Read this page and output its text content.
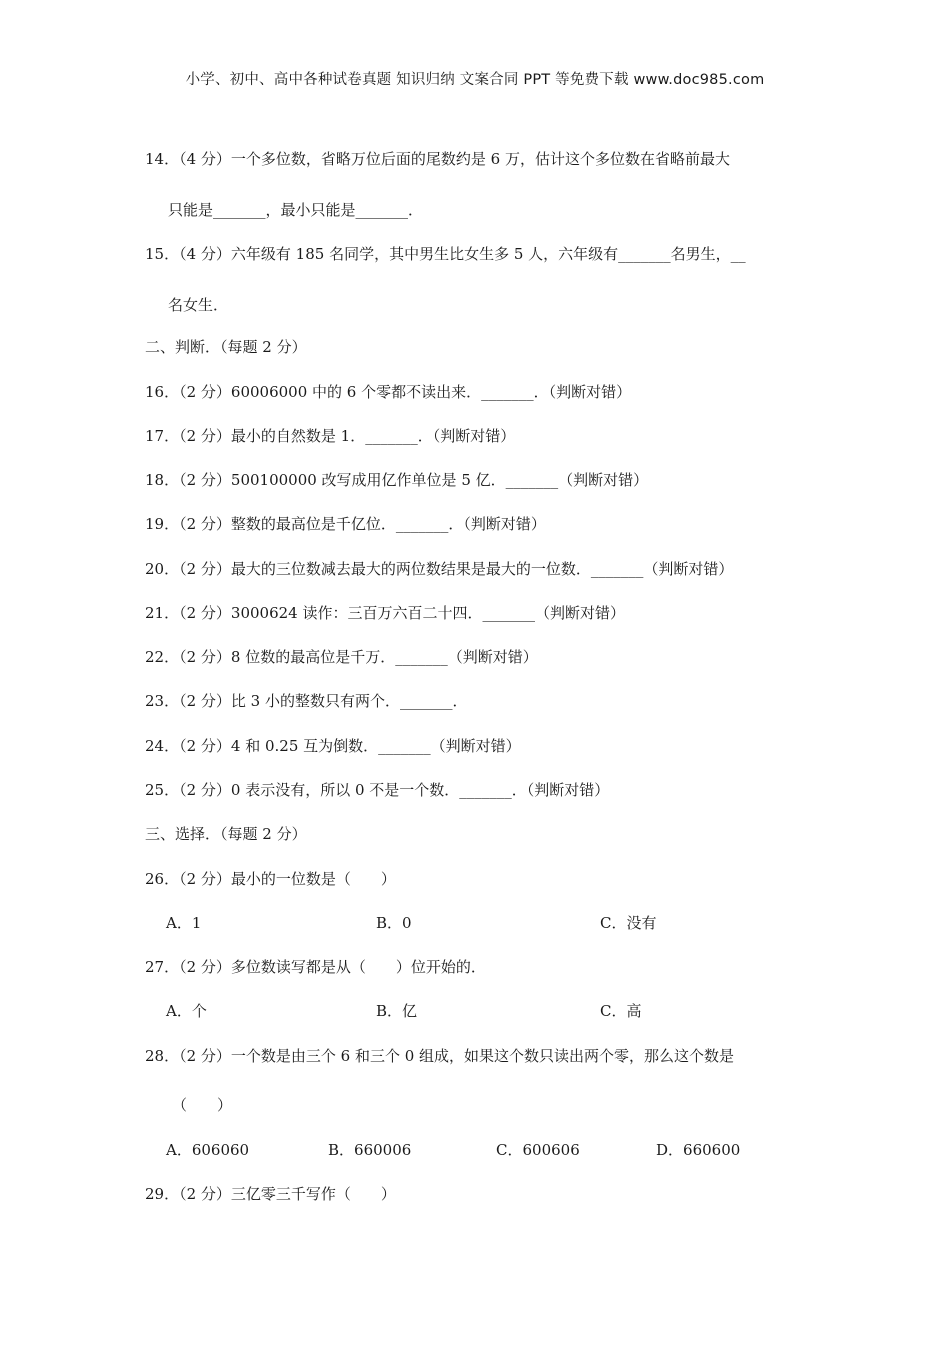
小学、初中、高中各种试卷真题 知识归纳 文案合同 PPT 等免费下载 www.doc985.com
14．（4 分）一个多位数，省略万位后面的尾数约是 6 万，估计这个多位数在省略前最大
只能是_______，最小只能是_______．
15．（4 分）六年级有 185 名同学，其中男生比女生多 5 人，六年级有_______名男生，__
名女生．
二、判断．（每题 2 分）
16．（2 分）60006000 中的 6 个零都不读出来．_______．（判断对错）
17．（2 分）最小的自然数是 1．_______．（判断对错）
18．（2 分）500100000 改写成用亿作单位是 5 亿．_______（判断对错）
19．（2 分）整数的最高位是千亿位．_______．（判断对错）
20．（2 分）最大的三位数减去最大的两位数结果是最大的一位数．_______（判断对错）
21．（2 分）3000624 读作：三百万六百二十四．_______（判断对错）
22．（2 分）8 位数的最高位是千万．_______（判断对错）
23．（2 分）比 3 小的整数只有两个．_______．
24．（2 分）4 和 0.25 互为倒数．_______（判断对错）
25．（2 分）0 表示没有，所以 0 不是一个数．_______．（判断对错）
三、选择．（每题 2 分）
26．（2 分）最小的一位数是（　　）
A．1	B．0	C．没有
27．（2 分）多位数读写都是从（　　）位开始的．
A．个	B．亿	C．高
28．（2 分）一个数是由三个 6 和三个 0 组成，如果这个数只读出两个零，那么这个数是
（　　）
A．606060	B．660006	C．600606	D．660600
29．（2 分）三亿零三千写作（　　）
